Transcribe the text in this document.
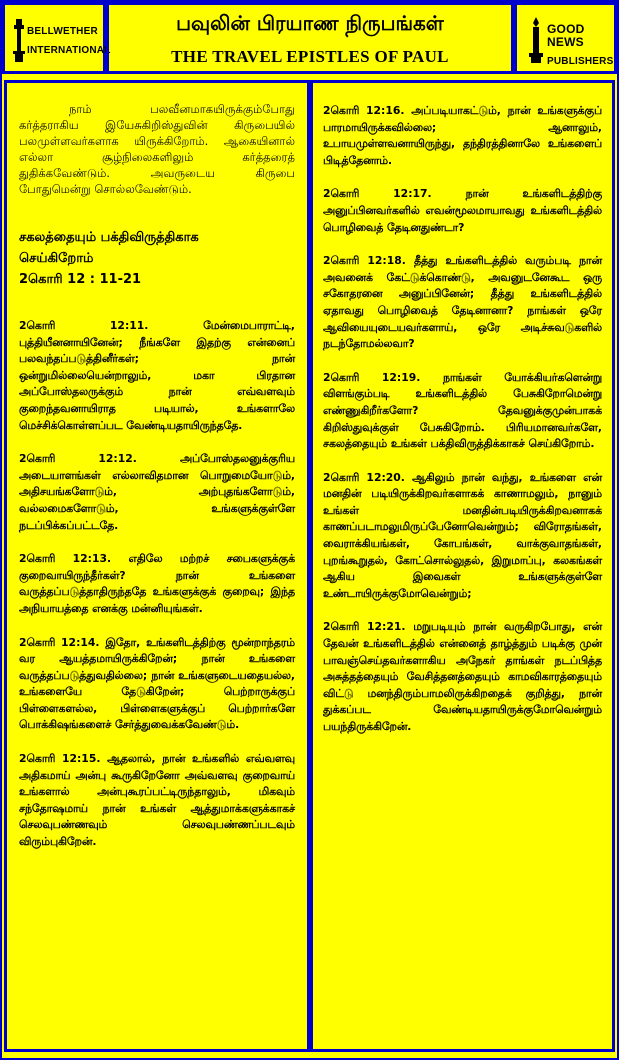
BELLWETHER
INTERNATIONAL
பவுலின் பிரயாண நிருபங்கள்
THE TRAVEL EPISTLES OF PAUL
GOOD NEWS
PUBLISHERS

நாம் பலவீனமாகயிருக்கும்போது கர்த்தராகிய இயேசுகிறிஸ்துவின் கிருபையில் பலமுள்ளவர்களாக யிருக்கிறோம். ஆகையினால் எல்லா சூழ்நிலைகளிலும் கர்த்தரைத் துதிக்கவேண்டும். அவருடைய கிருபை போதுமென்று சொல்லவேண்டும்.

சகலத்தையும் பக்திவிருத்திகாக
செய்கிறோம்
2கொரி 12 : 11-21

2கொரி 12:11. மேன்மைபாராட்டி, புத்தியீனனாயினேன்; நீங்களே இதற்கு என்னைப் பலவந்தப்படுத்தினீர்கள்; நான் ஒன்றுமில்லையென்றாலும், மகா பிரதான அப்போஸ்தலருக்கும் நான் எவ்வளவும் குறைந்தவனாயிராத படியால், உங்களாலே மெச்சிக்கொள்ளப்பட வேண்டியதாயிருந்ததே.

2கொரி 12:12. அப்போஸ்தலனுக்குரிய அடையாளங்கள் எல்லாவிதமான பொறுமையோடும், அதிசயங்களோடும், அற்புதங்களோடும், வல்லமைகளோடும், உங்களுக்குள்ளே நடப்பிக்கப்பட்டதே.

2கொரி 12:13. எதிலே மற்றச் சபைகளுக்குக் குறைவாயிருந்தீர்கள்? நான் உங்களை வருத்தப்படுத்தாதிருந்ததே உங்களுக்குக் குறைவு; இந்த அநியாயத்தை எனக்கு மன்னியுங்கள்.

2கொரி 12:14. இதோ, உங்களிடத்திற்கு மூன்றாந்தரம் வர ஆயத்தமாயிருக்கிறேன்; நான் உங்களை வருத்தப்படுத்துவதில்லை; நான் உங்களுடையதையல்ல, உங்களையே தேடுகிறேன்; பெற்றாருக்குப் பிள்ளைகளல்ல, பிள்ளைகளுக்குப் பெற்றார்களே பொக்கிஷங்களைச் சேர்த்துவைக்கவேண்டும்.

2கொரி 12:15. ஆதலால், நான் உங்களில் எவ்வளவு அதிகமாய் அன்பு கூருகிறேனோ அவ்வளவு குறைவாய் உங்களால் அன்புகூரப்பட்டிருந்தாலும், மிகவும் சந்தோஷமாய் நான் உங்கள் ஆத்துமாக்களுக்காகச் செலவுபண்ணவும் செலவுபண்ணப்படவும் விரும்புகிறேன்.

2கொரி 12:16. அப்படியாகட்டும், நான் உங்களுக்குப் பாரமாயிருக்கவில்லை; ஆனாலும், உபாயமுள்ளவனாயிருந்து, தந்திரத்தினாலே உங்களைப் பிடித்தேனாம்.

2கொரி 12:17. நான் உங்களிடத்திற்கு அனுப்பினவர்களில் எவன்மூலமாயாவது உங்களிடத்தில் பொழிவைத் தேடினதுண்டா?

2கொரி 12:18. தீத்து உங்களிடத்தில் வரும்படி நான் அவனைக் கேட்டுக்கொண்டு, அவனுடனேகூட ஒரு சகோதரனை அனுப்பினேன்; தீத்து உங்களிடத்தில் ஏதாவது பொழிவைத் தேடினானா? நாங்கள் ஒரே ஆவியையுடையவர்களாய், ஒரே அடிச்சுவடுகளில் நடந்தோமல்லவா?

2கொரி 12:19. நாங்கள் யோக்கியர்களென்று விளங்கும்படி உங்களிடத்தில் பேசுகிறோமென்று எண்ணுகிறீர்களோ? தேவனுக்குமுன்பாகக் கிறிஸ்துவுக்குள் பேசுகிறோம். பிரியமானவர்களே, சகலத்தையும் உங்கள் பக்திவிருத்திக்காகச் செய்கிறோம்.

2கொரி 12:20. ஆகிலும் நான் வந்து, உங்களை என் மனதின் படியிருக்கிறவர்களாகக் காணாமலும், நானும் உங்கள் மனதின்படியிருக்கிறவனாகக் காணப்படாமலுமிருப்பேனோவென்றும்; விரோதங்கள், வைராக்கியங்கள், கோபங்கள், வாக்குவாதங்கள், புறங்கூறுதல், கோட்சொல்லுதல், இறுமாப்பு, கலகங்கள் ஆகிய இவைகள் உங்களுக்குள்ளே உண்டாயிருக்குமோவென்றும்;

2கொரி 12:21. மறுபடியும் நான் வருகிறபோது, என் தேவன் உங்களிடத்தில் என்னைத் தாழ்த்தும் படிக்கு முன் பாவஞ்செய்தவர்களாகிய அநேகர் தாங்கள் நடப்பித்த அசுத்தத்தையும் வேசித்தனத்தையும் காமவிகாரத்தையும் விட்டு மனந்திரும்பாமலிருக்கிறதைக் குறித்து, நான் துக்கப்பட வேண்டியதாயிருக்குமோவென்றும் பயந்திருக்கிறேன்.
